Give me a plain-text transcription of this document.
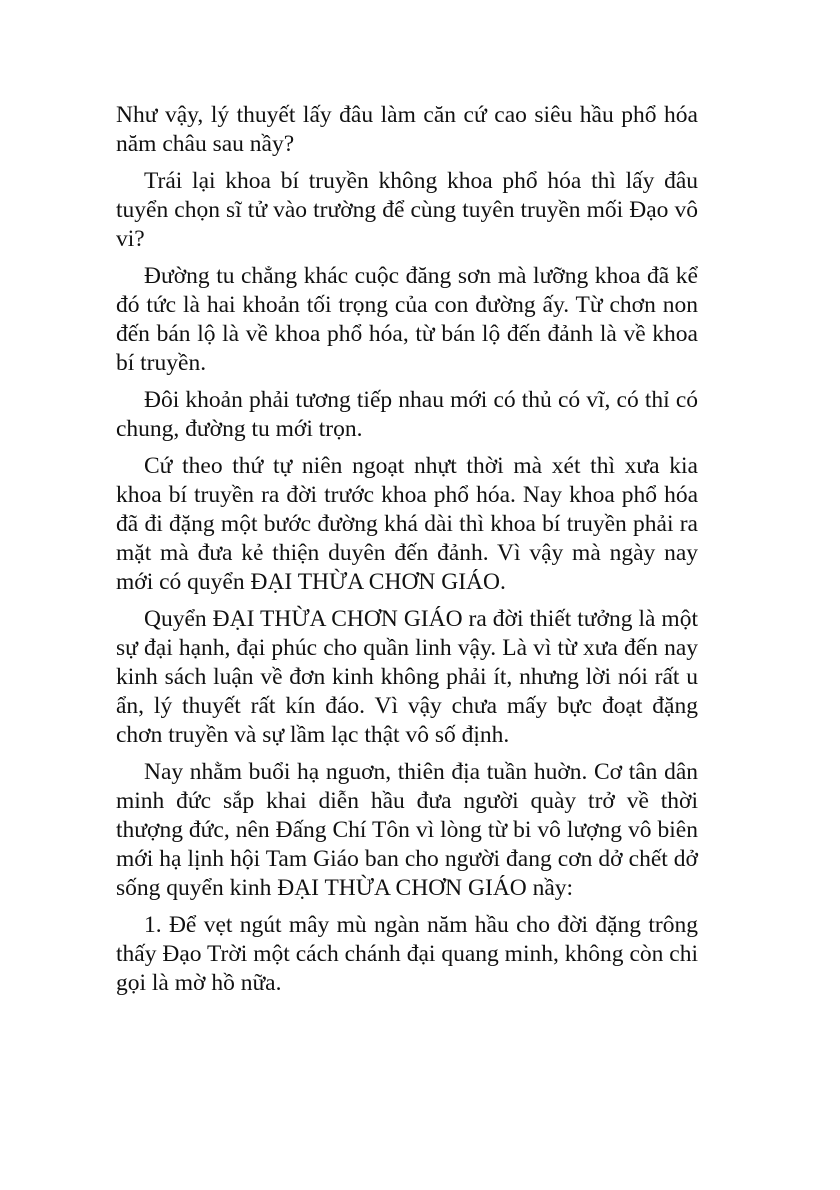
Như vậy, lý thuyết lấy đâu làm căn cứ cao siêu hầu phổ hóa năm châu sau nầy?

Trái lại khoa bí truyền không khoa phổ hóa thì lấy đâu tuyển chọn sĩ tử vào trường để cùng tuyên truyền mối Đạo vô vi?

Đường tu chẳng khác cuộc đăng sơn mà lưỡng khoa đã kể đó tức là hai khoản tối trọng của con đường ấy. Từ chơn non đến bán lộ là về khoa phổ hóa, từ bán lộ đến đảnh là về khoa bí truyền.

Đôi khoản phải tương tiếp nhau mới có thủ có vĩ, có thỉ có chung, đường tu mới trọn.

Cứ theo thứ tự niên ngoạt nhựt thời mà xét thì xưa kia khoa bí truyền ra đời trước khoa phổ hóa. Nay khoa phổ hóa đã đi đặng một bước đường khá dài thì khoa bí truyền phải ra mặt mà đưa kẻ thiện duyên đến đảnh. Vì vậy mà ngày nay mới có quyển ĐẠI THỪA CHƠN GIÁO.

Quyển ĐẠI THỪA CHƠN GIÁO ra đời thiết tưởng là một sự đại hạnh, đại phúc cho quần linh vậy. Là vì từ xưa đến nay kinh sách luận về đơn kinh không phải ít, nhưng lời nói rất u ẩn, lý thuyết rất kín đáo. Vì vậy chưa mấy bực đoạt đặng chơn truyền và sự lầm lạc thật vô số định.

Nay nhằm buổi hạ nguơn, thiên địa tuần huờn. Cơ tân dân minh đức sắp khai diễn hầu đưa người quày trở về thời thượng đức, nên Đấng Chí Tôn vì lòng từ bi vô lượng vô biên mới hạ lịnh hội Tam Giáo ban cho người đang cơn dở chết dở sống quyển kinh ĐẠI THỪA CHƠN GIÁO nầy:

1. Để vẹt ngút mây mù ngàn năm hầu cho đời đặng trông thấy Đạo Trời một cách chánh đại quang minh, không còn chi gọi là mờ hồ nữa.
